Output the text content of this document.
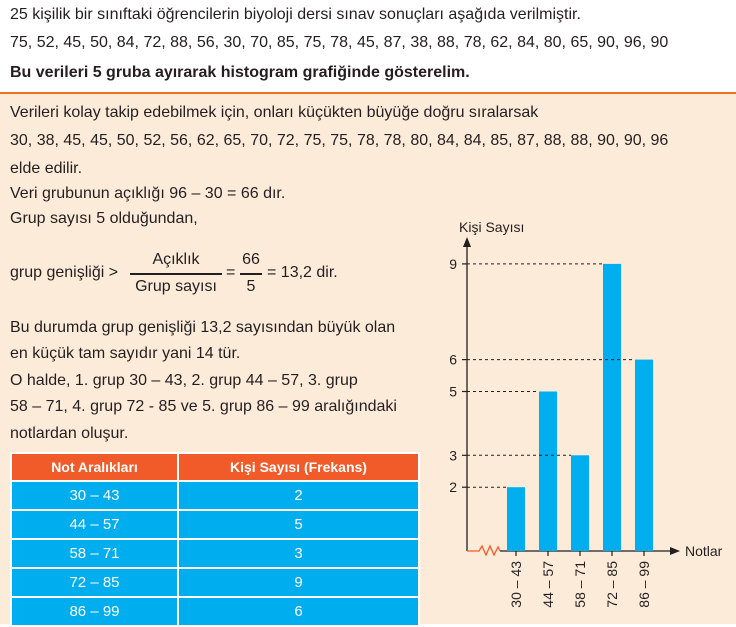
25 kişilik bir sınıftaki öğrencilerin biyoloji dersi sınav sonuçları aşağıda verilmiştir.
75, 52, 45, 50, 84, 72, 88, 56, 30, 70, 85, 75, 78, 45, 87, 38, 88, 78, 62, 84, 80, 65, 90, 96, 90
Bu verileri 5 gruba ayırarak histogram grafiğinde gösterelim.
Verileri kolay takip edebilmek için, onları küçükten büyüğe doğru sıralarsak
30, 38, 45, 45, 50, 52, 56, 62, 65, 70, 72, 75, 75, 78, 78, 80, 84, 84, 85, 87, 88, 88, 90, 90, 96
elde edilir.
Veri grubunun açıklığı 96 – 30 = 66 dır.
Grup sayısı 5 olduğundan,
grup genişliği >
Açıklık
Grup sayısı
=
66
5
= 13,2 dir.
Bu durumda grup genişliği 13,2 sayısından büyük olan
en küçük tam sayıdır yani 14 tür.
O halde, 1. grup 30 – 43, 2. grup 44 – 57, 3. grup
58 – 71, 4. grup 72 - 85 ve 5. grup 86 – 99 aralığındaki
notlardan oluşur.
Not Aralıkları	Kişi Sayısı (Frekans)
30 – 43	2
44 – 57	5
58 – 71	3
72 – 85	9
86 – 99	6
Kişi Sayısı
Notlar
30 – 43 44 – 57 58 – 71 72 – 85 86 – 99
2
3
5
6
9
